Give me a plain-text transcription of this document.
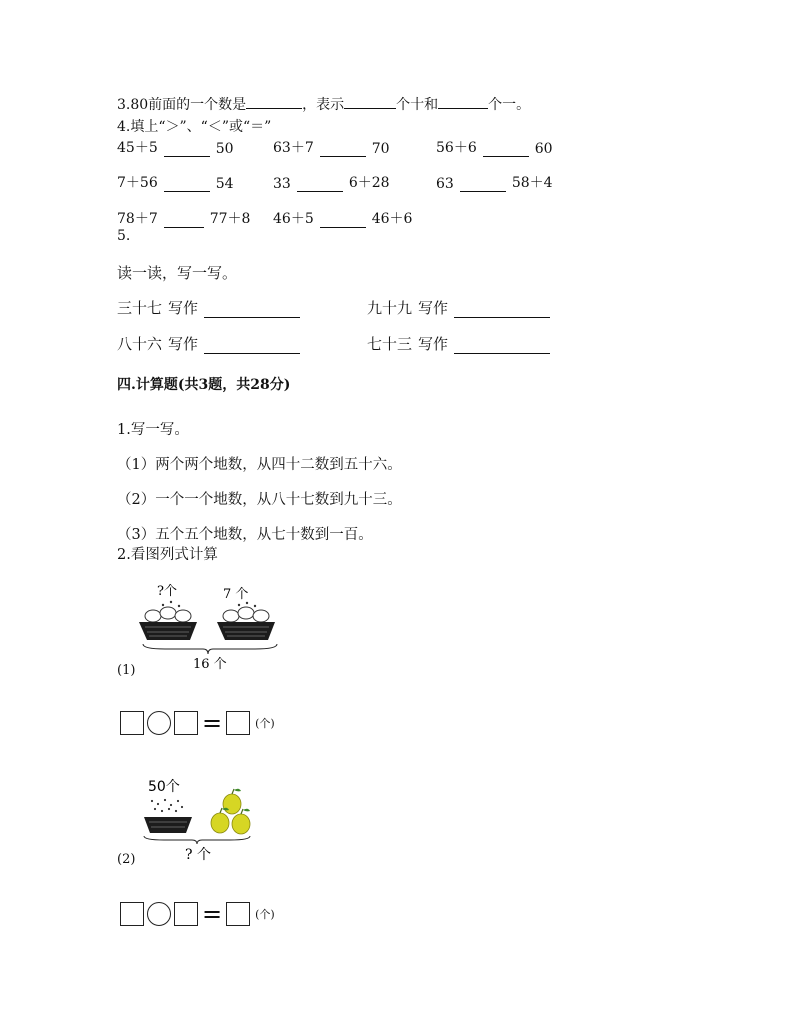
3.80前面的一个数是	，表示	个十和	个一。
4.填上“＞”、“＜”或“＝”
45＋5	50	63＋7	70	56＋6	60
7＋56	54	33	6＋28	63	58＋4
78＋7	77＋8 46＋5	46＋6
5.
读一读，写一写。
三十七 写作	九十九 写作
八十六 写作	七十三 写作
四.计算题(共3题，共28分)
1.写一写。
（1）两个两个地数，从四十二数到五十六。
（2）一个一个地数，从八十七数到九十三。
（3）五个五个地数，从七十数到一百。
2.看图列式计算
?个	7 个
16 个
(1)
=	(个)
50个
? 个
(2)
=	(个)
